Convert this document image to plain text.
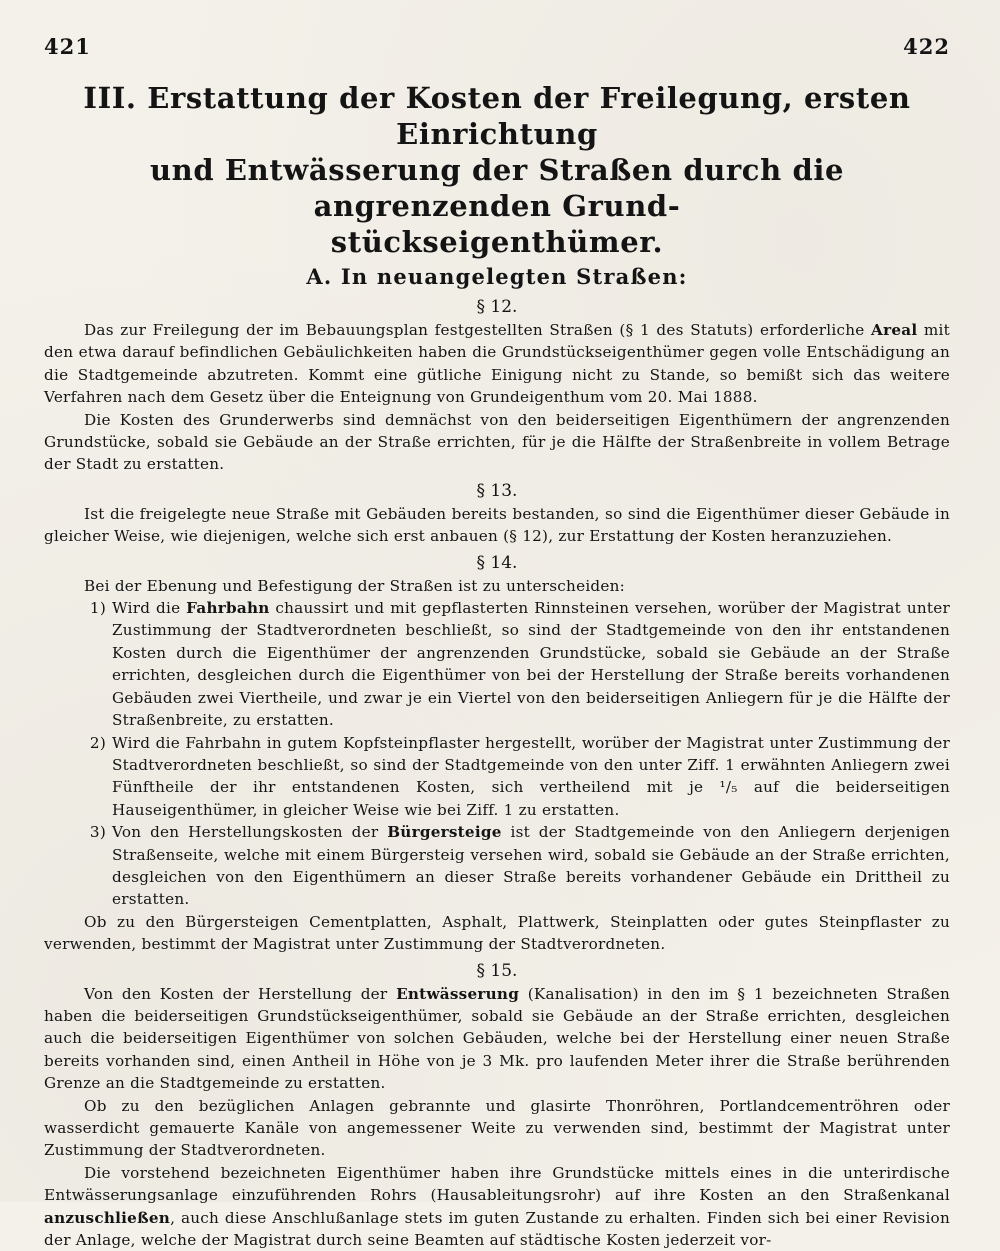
421	422
III. Erstattung der Kosten der Freilegung, ersten Einrichtung
und Entwässerung der Straßen durch die angrenzenden Grund-
stückseigenthümer.
A. In neuangelegten Straßen:
§ 12.

Das zur Freilegung der im Bebauungsplan festgestellten Straßen (§ 1 des Statuts) erforderliche Areal mit den etwa darauf befindlichen Gebäulichkeiten haben die Grundstückseigenthümer gegen volle Entschädigung an die Stadtgemeinde abzutreten. Kommt eine gütliche Einigung nicht zu Stande, so bemißt sich das weitere Verfahren nach dem Gesetz über die Enteignung von Grundeigenthum vom 20. Mai 1888.

Die Kosten des Grunderwerbs sind demnächst von den beiderseitigen Eigenthümern der angrenzenden Grundstücke, sobald sie Gebäude an der Straße errichten, für je die Hälfte der Straßenbreite in vollem Betrage der Stadt zu erstatten.

§ 13.

Ist die freigelegte neue Straße mit Gebäuden bereits bestanden, so sind die Eigenthümer dieser Gebäude in gleicher Weise, wie diejenigen, welche sich erst anbauen (§ 12), zur Erstattung der Kosten heranzuziehen.

§ 14.

Bei der Ebenung und Befestigung der Straßen ist zu unterscheiden:

1) Wird die Fahrbahn chaussirt und mit gepflasterten Rinnsteinen versehen, worüber der Magistrat unter Zustimmung der Stadtverordneten beschließt, so sind der Stadtgemeinde von den ihr entstandenen Kosten durch die Eigenthümer der angrenzenden Grundstücke, sobald sie Gebäude an der Straße errichten, desgleichen durch die Eigenthümer von bei der Herstellung der Straße bereits vorhandenen Gebäuden zwei Viertheile, und zwar je ein Viertel von den beiderseitigen Anliegern für je die Hälfte der Straßenbreite, zu erstatten.
2) Wird die Fahrbahn in gutem Kopfsteinpflaster hergestellt, worüber der Magistrat unter Zustimmung der Stadtverordneten beschließt, so sind der Stadtgemeinde von den unter Ziff. 1 erwähnten Anliegern zwei Fünftheile der ihr entstandenen Kosten, sich vertheilend mit je ¹/₅ auf die beiderseitigen Hauseigenthümer, in gleicher Weise wie bei Ziff. 1 zu erstatten.
3) Von den Herstellungskosten der Bürgersteige ist der Stadtgemeinde von den Anliegern derjenigen Straßenseite, welche mit einem Bürgersteig versehen wird, sobald sie Gebäude an der Straße errichten, desgleichen von den Eigenthümern an dieser Straße bereits vorhandener Gebäude ein Drittheil zu erstatten.

Ob zu den Bürgersteigen Cementplatten, Asphalt, Plattwerk, Steinplatten oder gutes Steinpflaster zu verwenden, bestimmt der Magistrat unter Zustimmung der Stadtverordneten.

§ 15.

Von den Kosten der Herstellung der Entwässerung (Kanalisation) in den im § 1 bezeichneten Straßen haben die beiderseitigen Grundstückseigenthümer, sobald sie Gebäude an der Straße errichten, desgleichen auch die beiderseitigen Eigenthümer von solchen Gebäuden, welche bei der Herstellung einer neuen Straße bereits vorhanden sind, einen Antheil in Höhe von je 3 Mk. pro laufenden Meter ihrer die Straße berührenden Grenze an die Stadtgemeinde zu erstatten.

Ob zu den bezüglichen Anlagen gebrannte und glasirte Thonröhren, Portlandcementröhren oder wasserdicht gemauerte Kanäle von angemessener Weite zu verwenden sind, bestimmt der Magistrat unter Zustimmung der Stadtverordneten.

Die vorstehend bezeichneten Eigenthümer haben ihre Grundstücke mittels eines in die unterirdische Entwässerungsanlage einzuführenden Rohrs (Hausableitungsrohr) auf ihre Kosten an den Straßenkanal anzuschließen, auch diese Anschlußanlage stets im guten Zustande zu erhalten. Finden sich bei einer Revision der Anlage, welche der Magistrat durch seine Beamten auf städtische Kosten jederzeit vor-
